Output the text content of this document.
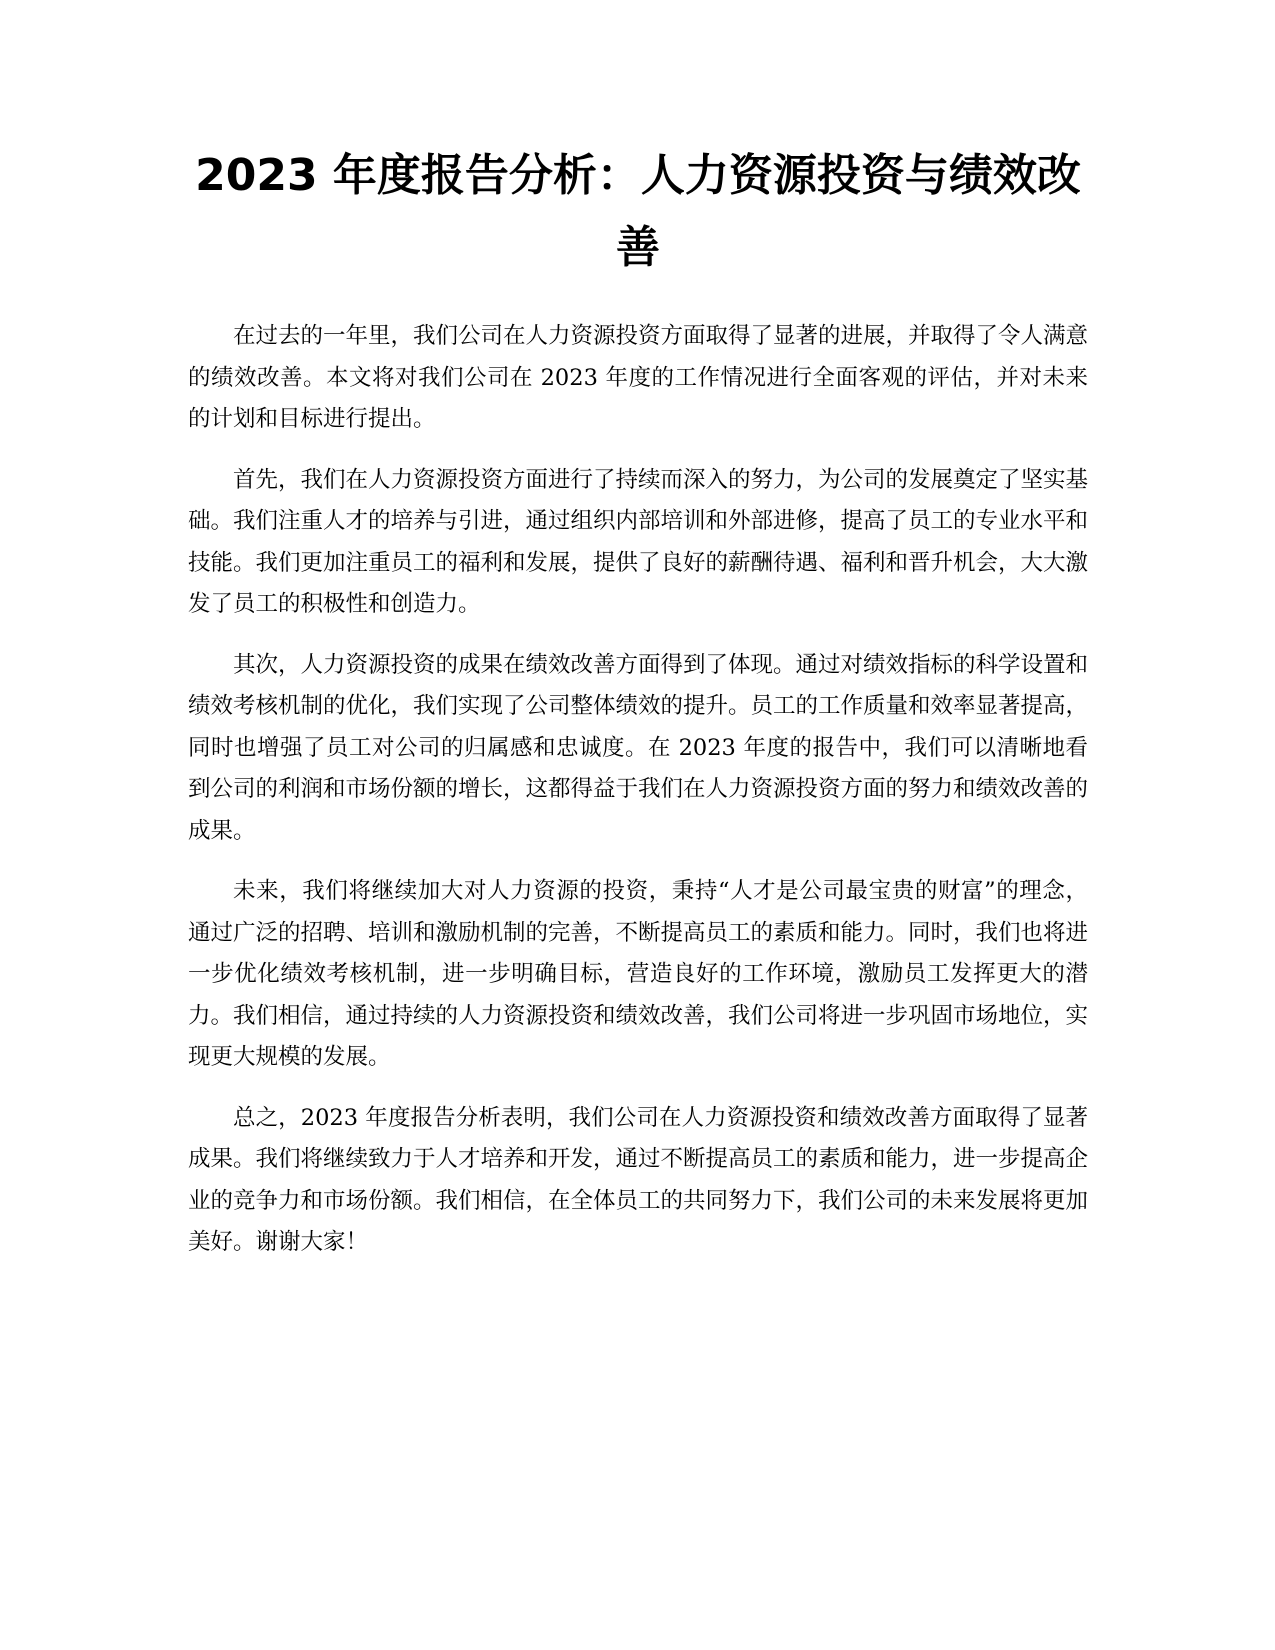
2023 年度报告分析：人力资源投资与绩效改善

在过去的一年里，我们公司在人力资源投资方面取得了显著的进展，并取得了令人满意的绩效改善。本文将对我们公司在 2023 年度的工作情况进行全面客观的评估，并对未来的计划和目标进行提出。

首先，我们在人力资源投资方面进行了持续而深入的努力，为公司的发展奠定了坚实基础。我们注重人才的培养与引进，通过组织内部培训和外部进修，提高了员工的专业水平和技能。我们更加注重员工的福利和发展，提供了良好的薪酬待遇、福利和晋升机会，大大激发了员工的积极性和创造力。

其次，人力资源投资的成果在绩效改善方面得到了体现。通过对绩效指标的科学设置和绩效考核机制的优化，我们实现了公司整体绩效的提升。员工的工作质量和效率显著提高，同时也增强了员工对公司的归属感和忠诚度。在 2023 年度的报告中，我们可以清晰地看到公司的利润和市场份额的增长，这都得益于我们在人力资源投资方面的努力和绩效改善的成果。

未来，我们将继续加大对人力资源的投资，秉持“人才是公司最宝贵的财富”的理念，通过广泛的招聘、培训和激励机制的完善，不断提高员工的素质和能力。同时，我们也将进一步优化绩效考核机制，进一步明确目标，营造良好的工作环境，激励员工发挥更大的潜力。我们相信，通过持续的人力资源投资和绩效改善，我们公司将进一步巩固市场地位，实现更大规模的发展。

总之，2023 年度报告分析表明，我们公司在人力资源投资和绩效改善方面取得了显著成果。我们将继续致力于人才培养和开发，通过不断提高员工的素质和能力，进一步提高企业的竞争力和市场份额。我们相信，在全体员工的共同努力下，我们公司的未来发展将更加美好。谢谢大家！
